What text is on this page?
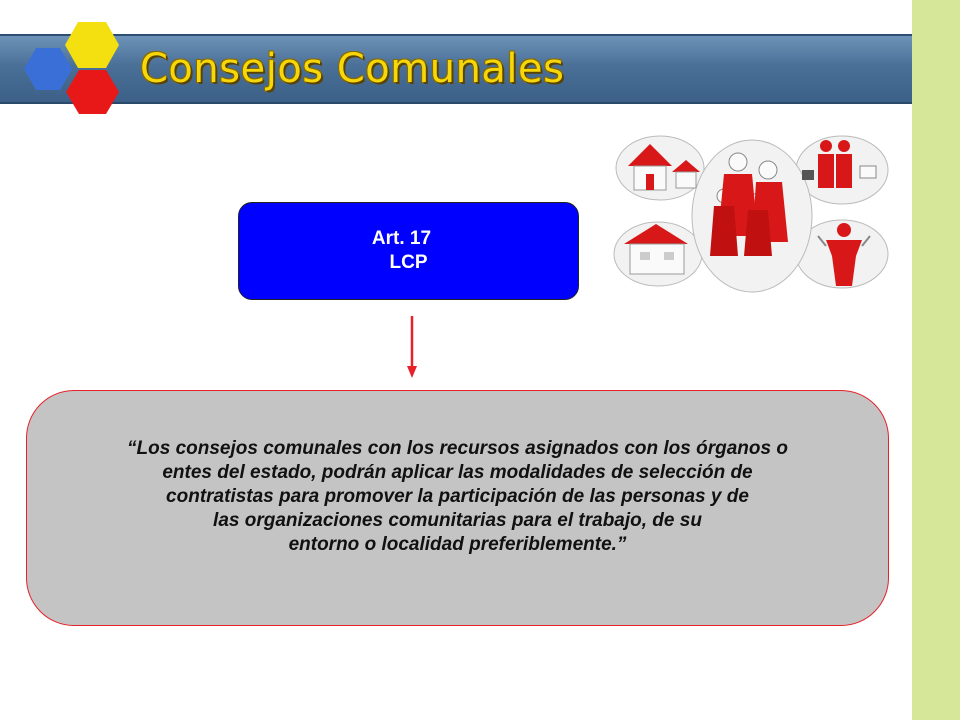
Consejos Comunales
Art. 17
LCP

“Los consejos comunales con los recursos asignados con los órganos o
entes del estado, podrán aplicar las modalidades de selección de
contratistas para promover la participación de las personas y de
las organizaciones comunitarias para el trabajo, de su
entorno o localidad preferiblemente.”
